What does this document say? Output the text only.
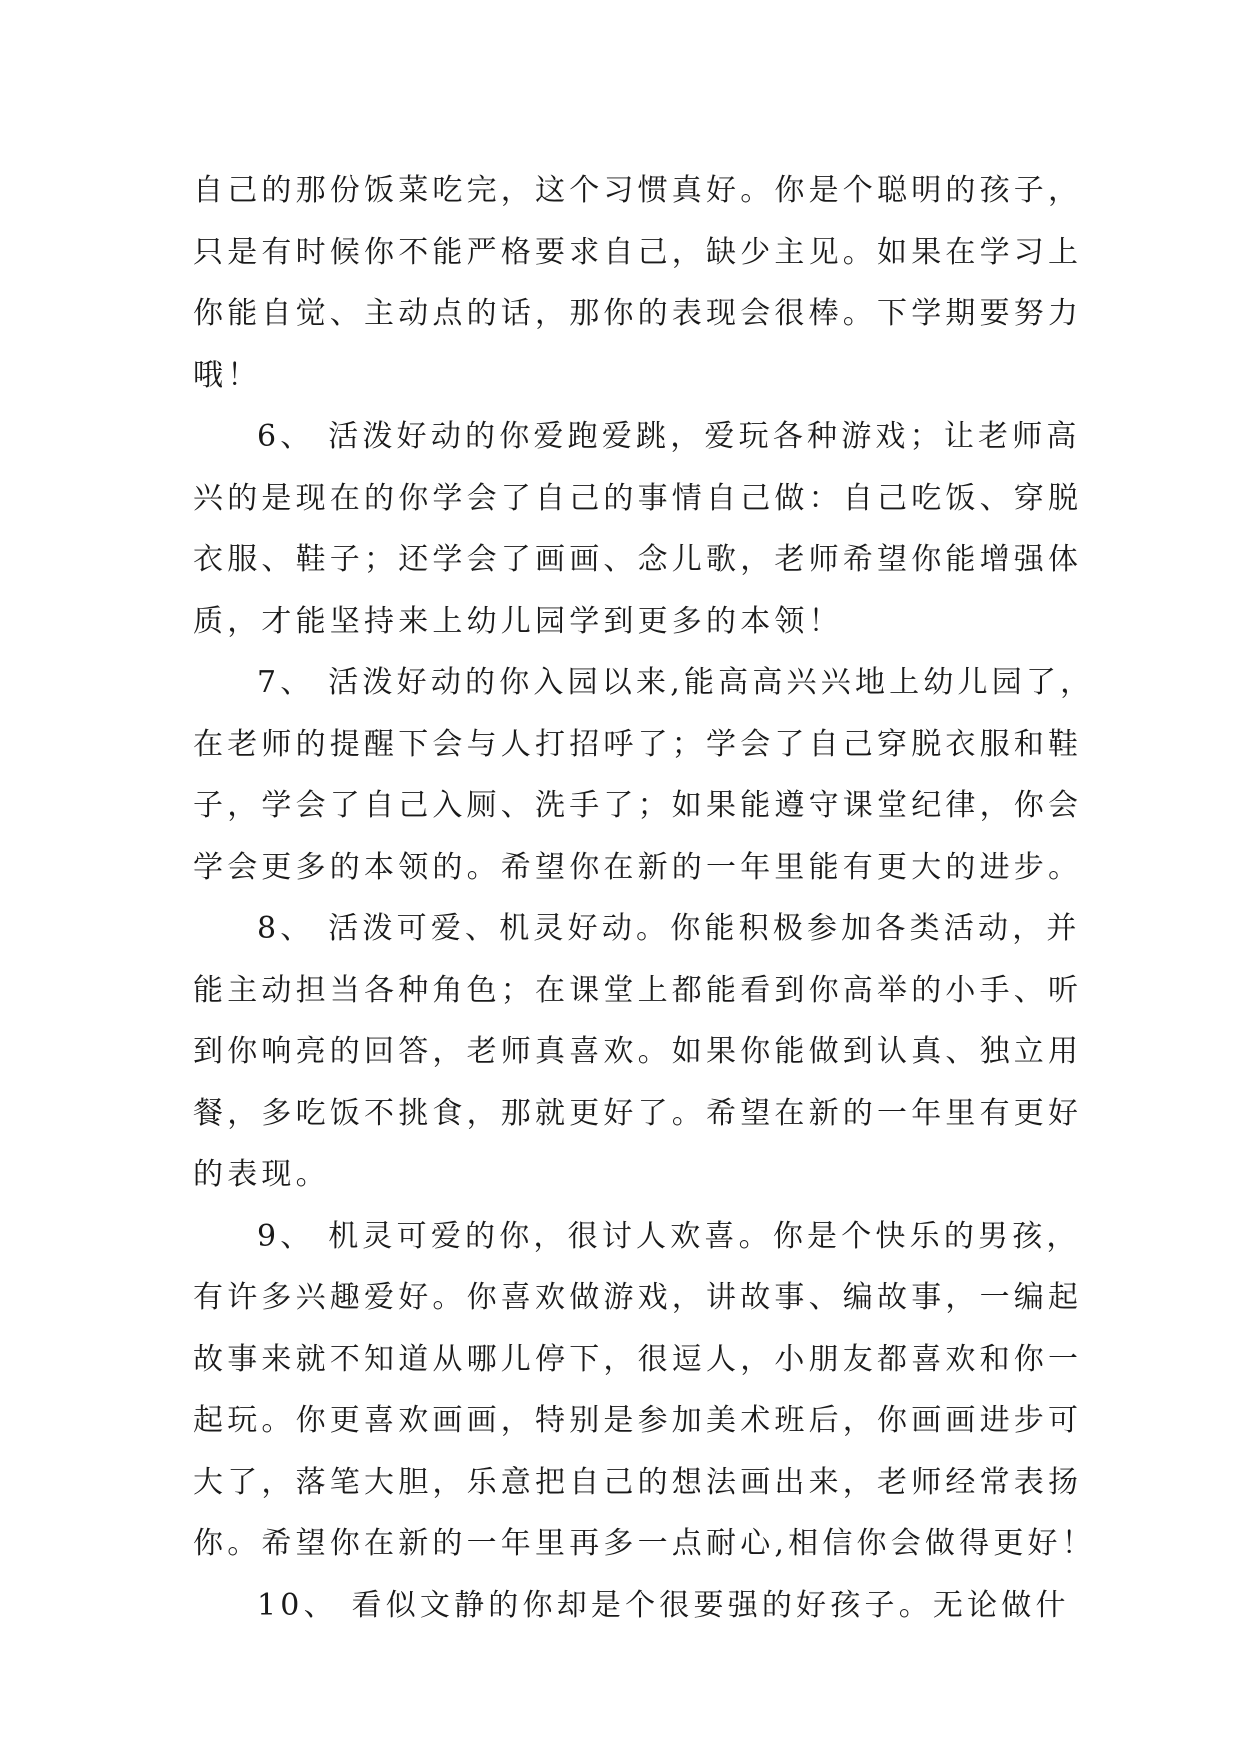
自己的那份饭菜吃完，这个习惯真好。你是个聪明的孩子，
只是有时候你不能严格要求自己，缺少主见。如果在学习上
你能自觉、主动点的话，那你的表现会很棒。下学期要努力
哦！
6、 活泼好动的你爱跑爱跳，爱玩各种游戏；让老师高
兴的是现在的你学会了自己的事情自己做：自己吃饭、穿脱
衣服、鞋子；还学会了画画、念儿歌，老师希望你能增强体
质，才能坚持来上幼儿园学到更多的本领！
7、 活泼好动的你入园以来,能高高兴兴地上幼儿园了，
在老师的提醒下会与人打招呼了；学会了自己穿脱衣服和鞋
子，学会了自己入厕、洗手了；如果能遵守课堂纪律，你会
学会更多的本领的。希望你在新的一年里能有更大的进步。
8、 活泼可爱、机灵好动。你能积极参加各类活动，并
能主动担当各种角色；在课堂上都能看到你高举的小手、听
到你响亮的回答，老师真喜欢。如果你能做到认真、独立用
餐，多吃饭不挑食，那就更好了。希望在新的一年里有更好
的表现。
9、 机灵可爱的你，很讨人欢喜。你是个快乐的男孩，
有许多兴趣爱好。你喜欢做游戏，讲故事、编故事，一编起
故事来就不知道从哪儿停下，很逗人，小朋友都喜欢和你一
起玩。你更喜欢画画，特别是参加美术班后，你画画进步可
大了，落笔大胆，乐意把自己的想法画出来，老师经常表扬
你。希望你在新的一年里再多一点耐心,相信你会做得更好！
10、 看似文静的你却是个很要强的好孩子。无论做什
